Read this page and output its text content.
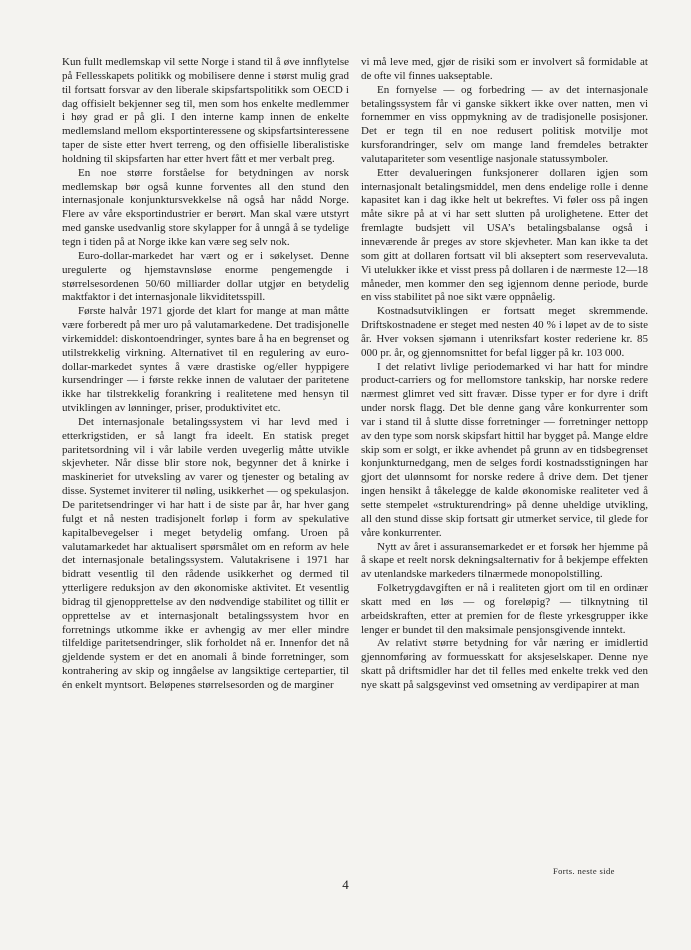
Kun fullt medlemskap vil sette Norge i stand til å øve innflytelse på Fellesskapets politikk og mobilisere denne i størst mulig grad til fortsatt forsvar av den liberale skipsfartspolitikk som OECD i dag offisielt bekjenner seg til, men som hos enkelte medlemmer i høy grad er på gli. I den interne kamp innen de enkelte medlemsland mellom eksportinteressene og skipsfartsinteressene taper de siste etter hvert terreng, og den offisielle liberalistiske holdning til skipsfarten har etter hvert fått et mer verbalt preg.

En noe større forståelse for betydningen av norsk medlemskap bør også kunne forventes all den stund den internasjonale konjunktursvekkelse nå også har nådd Norge. Flere av våre eksportindustrier er berørt. Man skal være utstyrt med ganske usedvanlig store skylapper for å unngå å se tydelige tegn i tiden på at Norge ikke kan være seg selv nok.

Euro-dollar-markedet har vært og er i søkelyset. Denne uregulerte og hjemstavnsløse enorme pengemengde i størrelsesordenen 50/60 milliarder dollar utgjør en betydelig maktfaktor i det internasjonale likviditetsspill.

Første halvår 1971 gjorde det klart for mange at man måtte være forberedt på mer uro på valutamarkedene. Det tradisjonelle virkemiddel: diskontoendringer, syntes bare å ha en begrenset og utilstrekkelig virkning. Alternativet til en regulering av euro-dollar-markedet syntes å være drastiske og/eller hyppigere kursendringer — i første rekke innen de valutaer der paritetene ikke har tilstrekkelig forankring i realitetene med hensyn til utviklingen av lønninger, priser, produktivitet etc.

Det internasjonale betalingssystem vi har levd med i etterkrigstiden, er så langt fra ideelt. En statisk preget paritetsordning vil i vår labile verden uvegerlig måtte utvikle skjevheter. Når disse blir store nok, begynner det å knirke i maskineriet for utveksling av varer og tjenester og betaling av disse. Systemet inviterer til nøling, usikkerhet — og spekulasjon. De paritetsendringer vi har hatt i de siste par år, har hver gang fulgt et nå nesten tradisjonelt forløp i form av spekulative kapitalbevegelser i meget betydelig omfang. Uroen på valutamarkedet har aktualisert spørsmålet om en reform av hele det internasjonale betalingssystem. Valutakrisene i 1971 har bidratt vesentlig til den rådende usikkerhet og dermed til ytterligere reduksjon av den økonomiske aktivitet. Et vesentlig bidrag til gjenopprettelse av den nødvendige stabilitet og tillit er opprettelse av et internasjonalt betalingssystem hvor en forretnings utkomme ikke er avhengig av mer eller mindre tilfeldige paritetsendringer, slik forholdet nå er. Innenfor det nå gjeldende system er det en anomali å binde forretninger, som kontrahering av skip og inngåelse av langsiktige certepartier, til én enkelt myntsort. Beløpenes størrelsesorden og de marginer

vi må leve med, gjør de risiki som er involvert så formidable at de ofte vil finnes uakseptable.

En fornyelse — og forbedring — av det internasjonale betalingssystem får vi ganske sikkert ikke over natten, men vi fornemmer en viss oppmykning av de tradisjonelle posisjoner. Det er tegn til en noe redusert politisk motvilje mot kursforandringer, selv om mange land fremdeles betrakter valutapariteter som vesentlige nasjonale statussymboler.

Etter devalueringen funksjonerer dollaren igjen som internasjonalt betalingsmiddel, men dens endelige rolle i denne kapasitet kan i dag ikke helt ut bekreftes. Vi føler oss på ingen måte sikre på at vi har sett slutten på urolighetene. Etter det fremlagte budsjett vil USA’s betalingsbalanse også i inneværende år preges av store skjevheter. Man kan ikke ta det som gitt at dollaren fortsatt vil bli akseptert som reservevaluta. Vi utelukker ikke et visst press på dollaren i de nærmeste 12—18 måneder, men kommer den seg igjennom denne periode, burde en viss stabilitet på noe sikt være oppnåelig.

Kostnadsutviklingen er fortsatt meget skremmende. Driftskostnadene er steget med nesten 40 % i løpet av de to siste år. Hver voksen sjømann i utenriksfart koster rederiene kr. 85 000 pr. år, og gjennomsnittet for befal ligger på kr. 103 000.

I det relativt livlige periodemarked vi har hatt for mindre product-carriers og for mellomstore tankskip, har norske redere nærmest glimret ved sitt fravær. Disse typer er for dyre i drift under norsk flagg. Det ble denne gang våre konkurrenter som var i stand til å slutte disse forretninger — forretninger nettopp av den type som norsk skipsfart hittil har bygget på. Mange eldre skip som er solgt, er ikke avhendet på grunn av en tidsbegrenset konjunkturnedgang, men de selges fordi kostnadsstigningen har gjort det ulønnsomt for norske redere å drive dem. Det tjener ingen hensikt å tåkelegge de kalde økonomiske realiteter ved å sette stempelet «strukturendring» på denne uheldige utvikling, all den stund disse skip fortsatt gir utmerket service, til glede for våre konkurrenter.

Nytt av året i assuransemarkedet er et forsøk her hjemme på å skape et reelt norsk dekningsalternativ for å bekjempe effekten av utenlandske markeders tilnærmede monopolstilling.

Folketrygdavgiften er nå i realiteten gjort om til en ordinær skatt med en løs — og foreløpig? — tilknytning til arbeidskraften, etter at premien for de fleste yrkesgrupper ikke lenger er bundet til den maksimale pensjonsgivende inntekt.

Av relativt større betydning for vår næring er imidlertid gjennomføring av formuesskatt for aksjeselskaper. Denne nye skatt på driftsmidler har det til felles med enkelte trekk ved den nye skatt på salgsgevinst ved omsetning av verdipapirer at man

Forts. neste side
4
